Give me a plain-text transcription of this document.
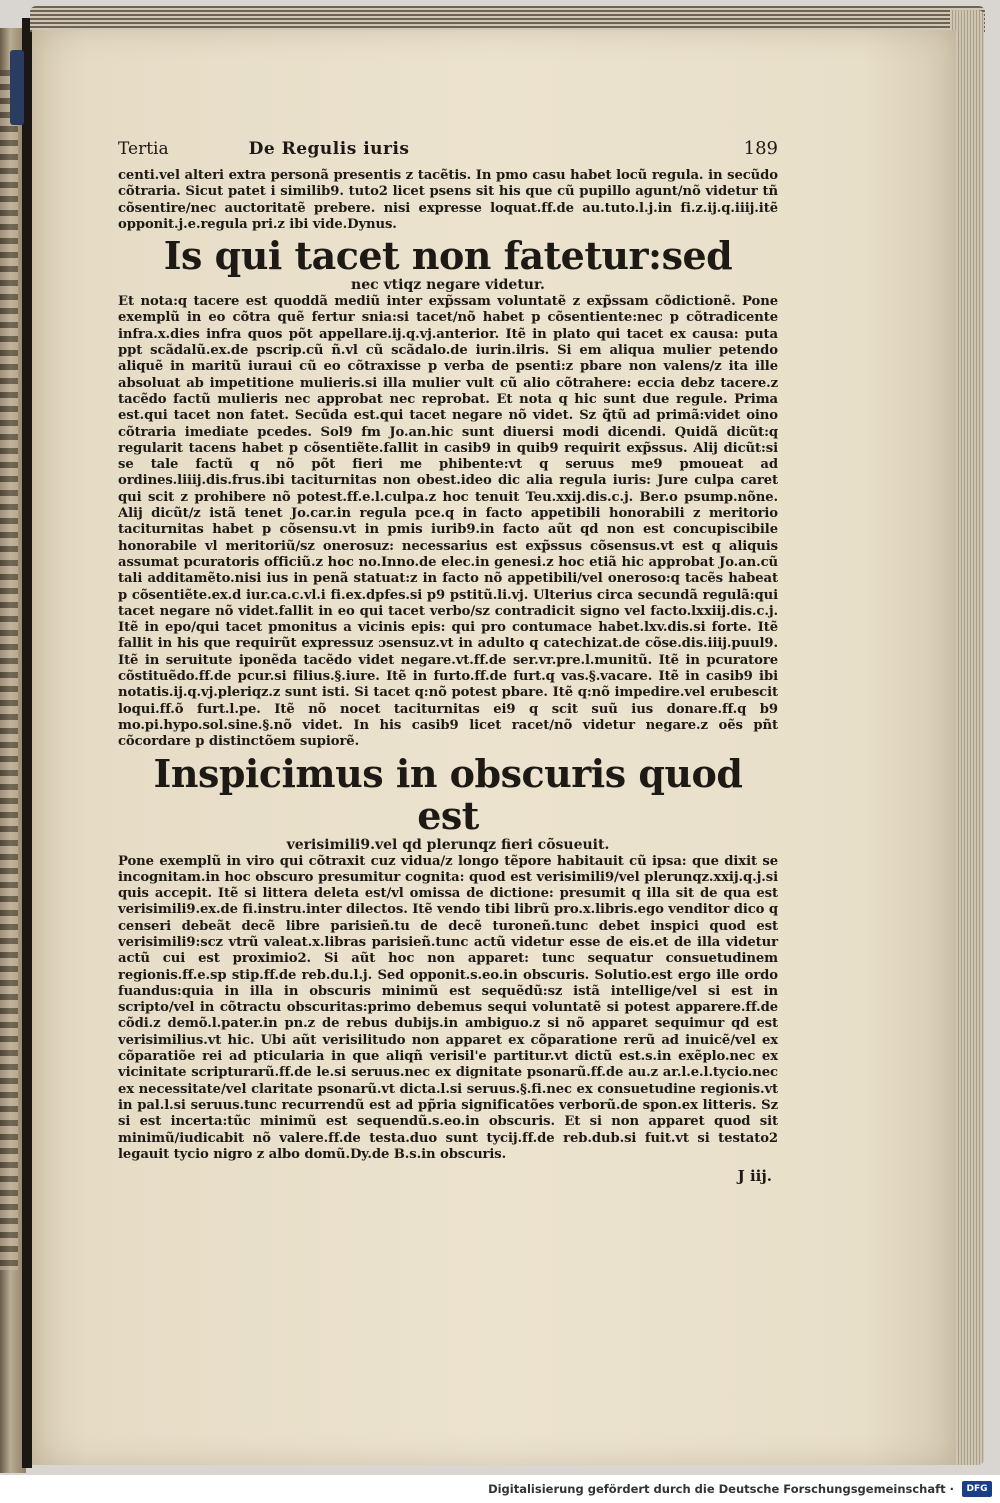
Tertia	De Regulis iuris	189

centi.vel alteri extra personã presentis z tacẽtis. In pmo casu habet locũ regula. in secũdo cõtraria. Sicut patet i similib9. tuto2 licet psens sit his que cũ pupillo agunt/nõ videtur tñ cõsentire/nec auctoritatẽ prebere. nisi expresse loquat.ff.de au.tuto.l.j.in fi.z.ij.q.iiij.itẽ opponit.j.e.regula pri.z ibi vide.Dynus.

Is qui tacet non fatetur:sed
nec vtiqz negare videtur.

Et nota:q tacere est quoddã mediũ inter exp̃ssam voluntatẽ z exp̃ssam cõdictionẽ. Pone exemplũ in eo cõtra quẽ fertur snia:si tacet/nõ habet p cõsentiente:nec p cõtradicente infra.x.dies infra quos põt appellare.ij.q.vj.anterior. Itẽ in plato qui tacet ex causa: puta ppt scãdalũ.ex.de pscrip.cũ ñ.vl cũ scãdalo.de iurin.ilris. Si em aliqua mulier petendo aliquẽ in maritũ iuraui cũ eo cõtraxisse p verba de psenti:z pbare non valens/z ita ille absoluat ab impetitione mulieris.si illa mulier vult cũ alio cõtrahere: eccia debz tacere.z tacẽdo factũ mulieris nec approbat nec reprobat. Et nota q hic sunt due regule. Prima est.qui tacet non fatet. Secũda est.qui tacet negare nõ videt. Sz q̃tũ ad primã:videt oino cõtraria imediate pcedes. Sol9 fm Jo.an.hic sunt diuersi modi dicendi. Quidã dicũt:q regularit tacens habet p cõsentiẽte.fallit in casib9 in quib9 requirit exp̃ssus. Alij dicũt:si se tale factũ q nõ põt fieri me phibente:vt q seruus me9 pmoueat ad ordines.liiij.dis.frus.ibi taciturnitas non obest.ideo dic alia regula iuris: Jure culpa caret qui scit z prohibere nõ potest.ff.e.l.culpa.z hoc tenuit Teu.xxij.dis.c.j. Ber.o psump.nõne. Alij dicũt/z istã tenet Jo.car.in regula pce.q in facto appetibili honorabili z meritorio taciturnitas habet p cõsensu.vt in pmis iurib9.in facto aũt qd non est concupiscibile honorabile vl meritoriũ/sz onerosuz: necessarius est exp̃ssus cõsensus.vt est q aliquis assumat pcuratoris officiũ.z hoc no.Inno.de elec.in genesi.z hoc etiã hic approbat Jo.an.cũ tali additamẽto.nisi ius in penã statuat:z in facto nõ appetibili/vel oneroso:q tacẽs habeat p cõsentiẽte.ex.d iur.ca.c.vl.i fi.ex.dpfes.si p9 pstitũ.li.vj. Ulterius circa secundã regulã:qui tacet negare nõ videt.fallit in eo qui tacet verbo/sz contradicit signo vel facto.lxxiij.dis.c.j. Itẽ in epo/qui tacet pmonitus a vicinis epis: qui pro contumace habet.lxv.dis.si forte. Itẽ fallit in his que requirũt expressuz ɔsensuz.vt in adulto q catechizat.de cõse.dis.iiij.puul9. Itẽ in seruitute iponẽda tacẽdo videt negare.vt.ff.de ser.vr.pre.l.munitũ. Itẽ in pcuratore cõstituẽdo.ff.de pcur.si filius.§.iure. Itẽ in furto.ff.de furt.q vas.§.vacare. Itẽ in casib9 ibi notatis.ij.q.vj.pleriqz.z sunt isti. Si tacet q:nõ potest pbare. Itẽ q:nõ impedire.vel erubescit loqui.ff.õ furt.l.pe. Itẽ nõ nocet taciturnitas ei9 q scit suũ ius donare.ff.q b9 mo.pi.hypo.sol.sine.§.nõ videt. In his casib9 licet racet/nõ videtur negare.z oẽs pñt cõcordare p distinctõem supiorẽ.

Inspicimus in obscuris quod est
verisimili9.vel qd plerunqz fieri cõsueuit.

Pone exemplũ in viro qui cõtraxit cuz vidua/z longo tẽpore habitauit cũ ipsa: que dixit se incognitam.in hoc obscuro presumitur cognita: quod est verisimili9/vel plerunqz.xxij.q.j.si quis accepit. Itẽ si littera deleta est/vl omissa de dictione: presumit q illa sit de qua est verisimili9.ex.de fi.instru.inter dilectos. Itẽ vendo tibi librũ pro.x.libris.ego venditor dico q censeri debeãt decẽ libre parisieñ.tu de decẽ turoneñ.tunc debet inspici quod est verisimili9:scz vtrũ valeat.x.libras parisieñ.tunc actũ videtur esse de eis.et de illa videtur actũ cui est proximio2. Si aũt hoc non apparet: tunc sequatur consuetudinem regionis.ff.e.sp stip.ff.de reb.du.l.j. Sed opponit.s.eo.in obscuris. Solutio.est ergo ille ordo fuandus:quia in illa in obscuris minimũ est sequẽdũ:sz istã intellige/vel si est in scripto/vel in cõtractu obscuritas:primo debemus sequi voluntatẽ si potest apparere.ff.de cõdi.z demõ.l.pater.in pn.z de rebus dubijs.in ambiguo.z si nõ apparet sequimur qd est verisimilius.vt hic. Ubi aũt verisilitudo non apparet ex cõparatione rerũ ad inuicẽ/vel ex cõparatiõe rei ad pticularia in que aliqñ verisil'e partitur.vt dictũ est.s.in exẽplo.nec ex vicinitate scripturarũ.ff.de le.si seruus.nec ex dignitate psonarũ.ff.de au.z ar.l.e.l.tycio.nec ex necessitate/vel claritate psonarũ.vt dicta.l.si seruus.§.fi.nec ex consuetudine regionis.vt in pal.l.si seruus.tunc recurrendũ est ad pp̃ria significatões verborũ.de spon.ex litteris. Sz si est incerta:tũc minimũ est sequendũ.s.eo.in obscuris. Et si non apparet quod sit minimũ/iudicabit nõ valere.ff.de testa.duo sunt tycij.ff.de reb.dub.si fuit.vt si testato2 legauit tycio nigro z albo domũ.Dy.de B.s.in obscuris.

J iij.
Digitalisierung gefördert durch die Deutsche Forschungsgemeinschaft ·	DFG
